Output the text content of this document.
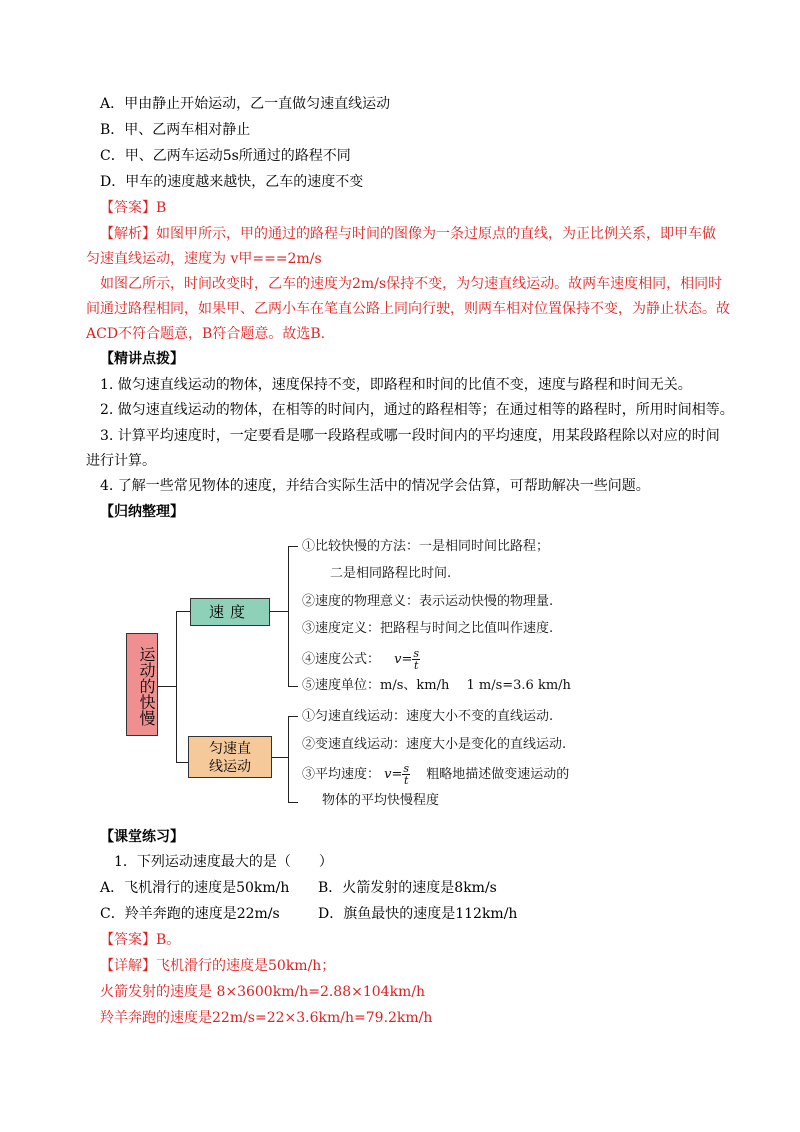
A．甲由静止开始运动，乙一直做匀速直线运动
B．甲、乙两车相对静止
C．甲、乙两车运动5s所通过的路程不同
D．甲车的速度越来越快，乙车的速度不变
【答案】B
【解析】如图甲所示，甲的通过的路程与时间的图像为一条过原点的直线，为正比例关系，即甲车做
匀速直线运动，速度为 v甲===2m/s
如图乙所示，时间改变时，乙车的速度为2m/s保持不变，为匀速直线运动。故两车速度相同，相同时
间通过路程相同，如果甲、乙两小车在笔直公路上同向行驶，则两车相对位置保持不变，为静止状态。故
ACD不符合题意，B符合题意。故选B.
【精讲点拨】
1. 做匀速直线运动的物体，速度保持不变，即路程和时间的比值不变，速度与路程和时间无关。
2. 做匀速直线运动的物体，在相等的时间内，通过的路程相等；在通过相等的路程时，所用时间相等。
3. 计算平均速度时，一定要看是哪一段路程或哪一段时间内的平均速度，用某段路程除以对应的时间
进行计算。
4. 了解一些常见物体的速度，并结合实际生活中的情况学会估算，可帮助解决一些问题。
【归纳整理】
运动的快慢
速度
匀速直
线运动
①比较快慢的方法：一是相同时间比路程；
二是相同路程比时间.
②速度的物理意义：表示运动快慢的物理量.
③速度定义：把路程与时间之比值叫作速度.
④速度公式： $v= \frac{s}{t}$
⑤速度单位：m/s、km/h　 1 m/s=3.6 km/h
①匀速直线运动：速度大小不变的直线运动.
②变速直线运动：速度大小是变化的直线运动.
③平均速度： $v= \frac{s}{t}$ 粗略地描述做变速运动的
物体的平均快慢程度
【课堂练习】
1．下列运动速度最大的是（　　）
A．飞机滑行的速度是50km/h B．火箭发射的速度是8km/s
C．羚羊奔跑的速度是22m/s	D．旗鱼最快的速度是112km/h
【答案】B。
【详解】飞机滑行的速度是50km/h；
火箭发射的速度是 8×3600km/h=2.88×104km/h
羚羊奔跑的速度是22m/s=22×3.6km/h=79.2km/h
